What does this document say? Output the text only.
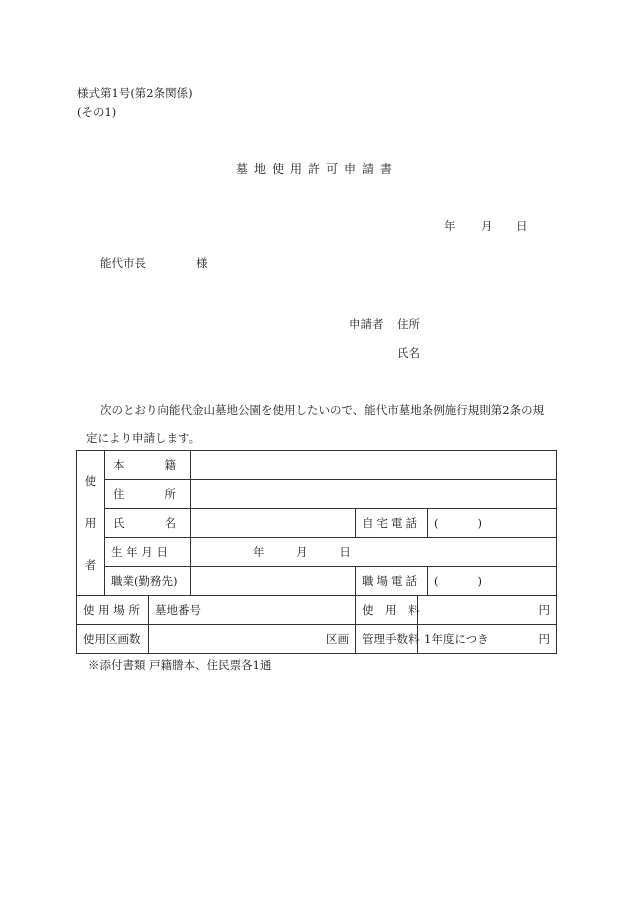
様式第1号(第2条関係)
(その1)
墓地使用許可申請書
年 月 日
能代市長	様
申請者 住所
氏名
次のとおり向能代金山墓地公園を使用したいので、能代市墓地条例施行規則第2条の規
定により申請します。
使
用
者	本 籍					

	住 所					

	氏 名			自宅電話		( )

	生 年 月 日		年 月 日			
	職業(勤務先)			職場電話		( )

使 用 場 所		墓地番号		使 用 料	円	
使用区画数		区画		管理手数料	1年度につき 円	
※添付書類 戸籍謄本、住民票各1通
